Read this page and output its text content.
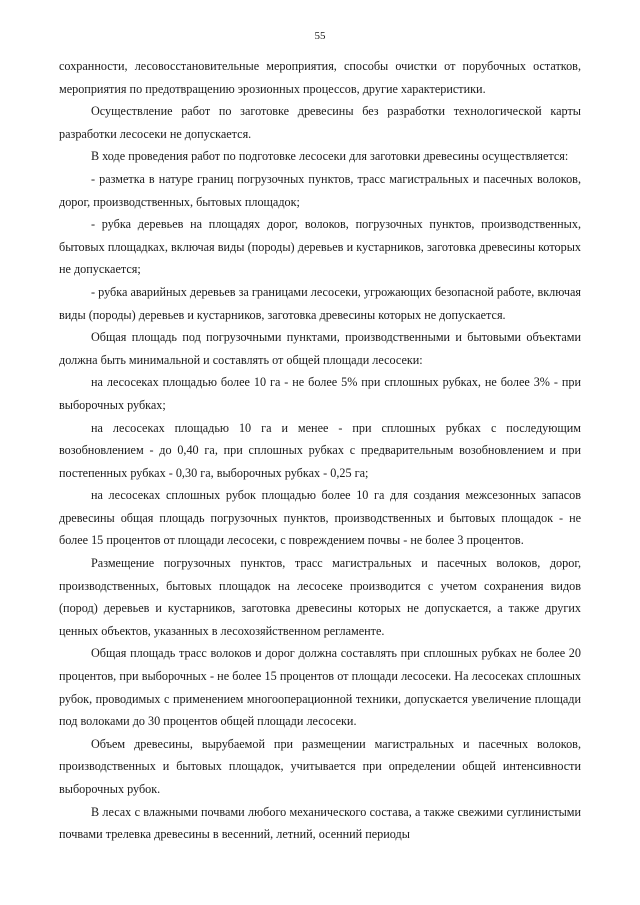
55

сохранности, лесовосстановительные мероприятия, способы очистки от порубочных остатков, мероприятия по предотвращению эрозионных процессов, другие характеристики.

Осуществление работ по заготовке древесины без разработки технологической карты разработки лесосеки не допускается.

В ходе проведения работ по подготовке лесосеки для заготовки древесины осуществляется:

- разметка в натуре границ погрузочных пунктов, трасс магистральных и пасечных волоков, дорог, производственных, бытовых площадок;

- рубка деревьев на площадях дорог, волоков, погрузочных пунктов, производственных, бытовых площадках, включая виды (породы) деревьев и кустарников, заготовка древесины которых не допускается;

- рубка аварийных деревьев за границами лесосеки, угрожающих безопасной работе, включая виды (породы) деревьев и кустарников, заготовка древесины которых не допускается.

Общая площадь под погрузочными пунктами, производственными и бытовыми объектами должна быть минимальной и составлять от общей площади лесосеки:

на лесосеках площадью более 10 га - не более 5% при сплошных рубках, не более 3% - при выборочных рубках;

на лесосеках площадью 10 га и менее - при сплошных рубках с последующим возобновлением - до 0,40 га, при сплошных рубках с предварительным возобновлением и при постепенных рубках - 0,30 га, выборочных рубках - 0,25 га;

на лесосеках сплошных рубок площадью более 10 га для создания межсезонных запасов древесины общая площадь погрузочных пунктов, производственных и бытовых площадок - не более 15 процентов от площади лесосеки, с повреждением почвы - не более 3 процентов.

Размещение погрузочных пунктов, трасс магистральных и пасечных волоков, дорог, производственных, бытовых площадок на лесосеке производится с учетом сохранения видов (пород) деревьев и кустарников, заготовка древесины которых не допускается, а также других ценных объектов, указанных в лесохозяйственном регламенте.

Общая площадь трасс волоков и дорог должна составлять при сплошных рубках не более 20 процентов, при выборочных - не более 15 процентов от площади лесосеки. На лесосеках сплошных рубок, проводимых с применением многооперационной техники, допускается увеличение площади под волоками до 30 процентов общей площади лесосеки.

Объем древесины, вырубаемой при размещении магистральных и пасечных волоков, производственных и бытовых площадок, учитывается при определении общей интенсивности выборочных рубок.

В лесах с влажными почвами любого механического состава, а также свежими суглинистыми почвами трелевка древесины в весенний, летний, осенний периоды
